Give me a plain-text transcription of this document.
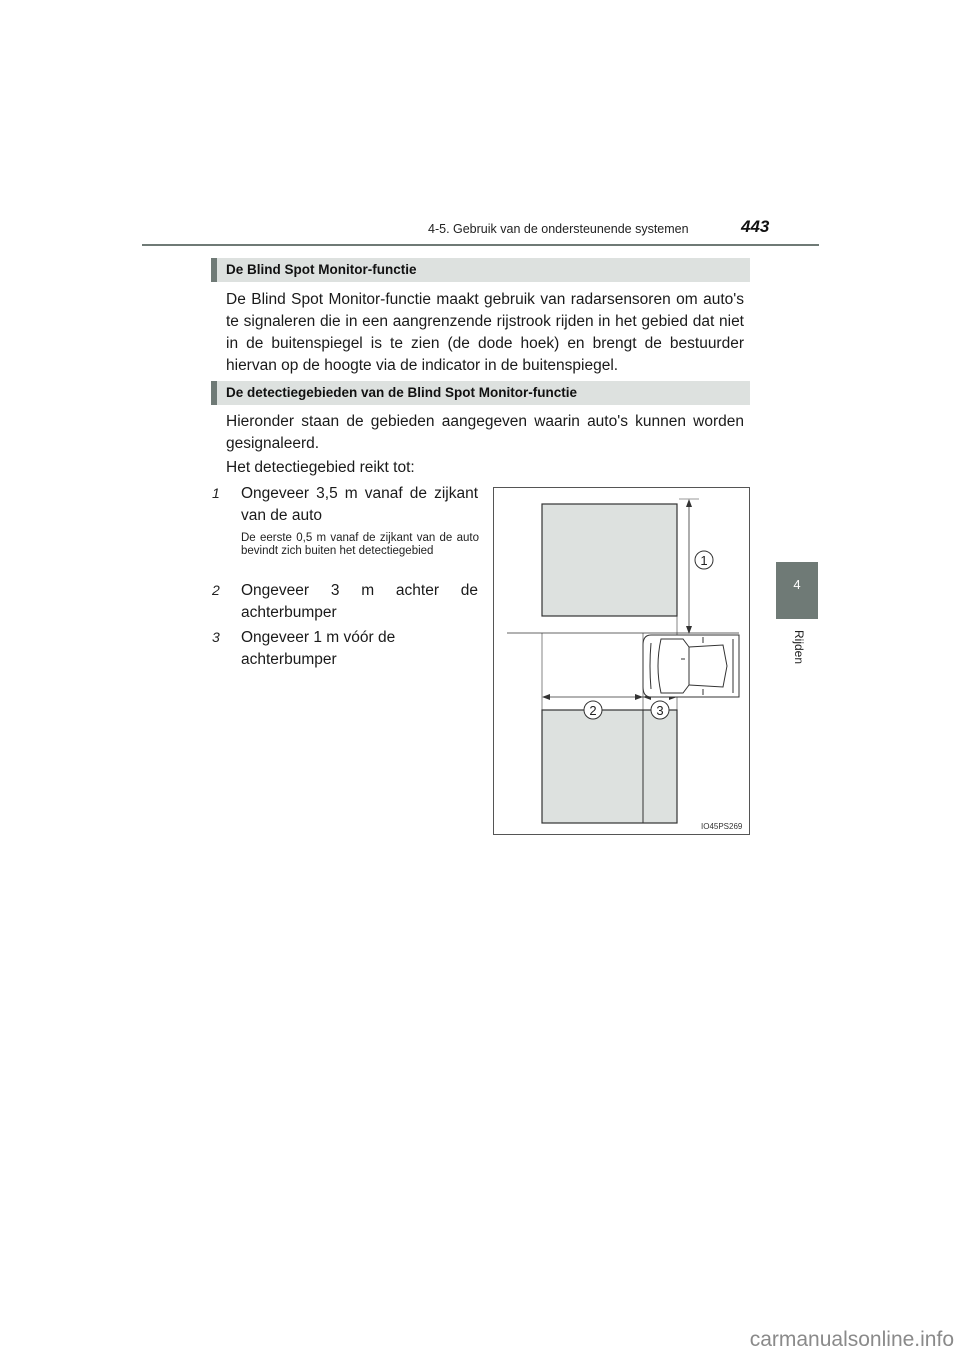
4-5. Gebruik van de ondersteunende systemen	443
4
Rijden
De Blind Spot Monitor-functie
De Blind Spot Monitor-functie maakt gebruik van radarsensoren om auto's te signaleren die in een aangrenzende rijstrook rijden in het gebied dat niet in de buitenspiegel is te zien (de dode hoek) en brengt de bestuurder hiervan op de hoogte via de indicator in de buitenspiegel.
De detectiegebieden van de Blind Spot Monitor-functie
Hieronder staan de gebieden aangegeven waarin auto's kunnen worden gesignaleerd.
Het detectiegebied reikt tot:
1 Ongeveer 3,5 m vanaf de zijkant van de auto
De eerste 0,5 m vanaf de zijkant van de auto bevindt zich buiten het detectiegebied
2 Ongeveer 3 m achter de achterbumper
3 Ongeveer 1 m vóór de achterbumper
1
2	3
IO45PS269
carmanualsonline.info
